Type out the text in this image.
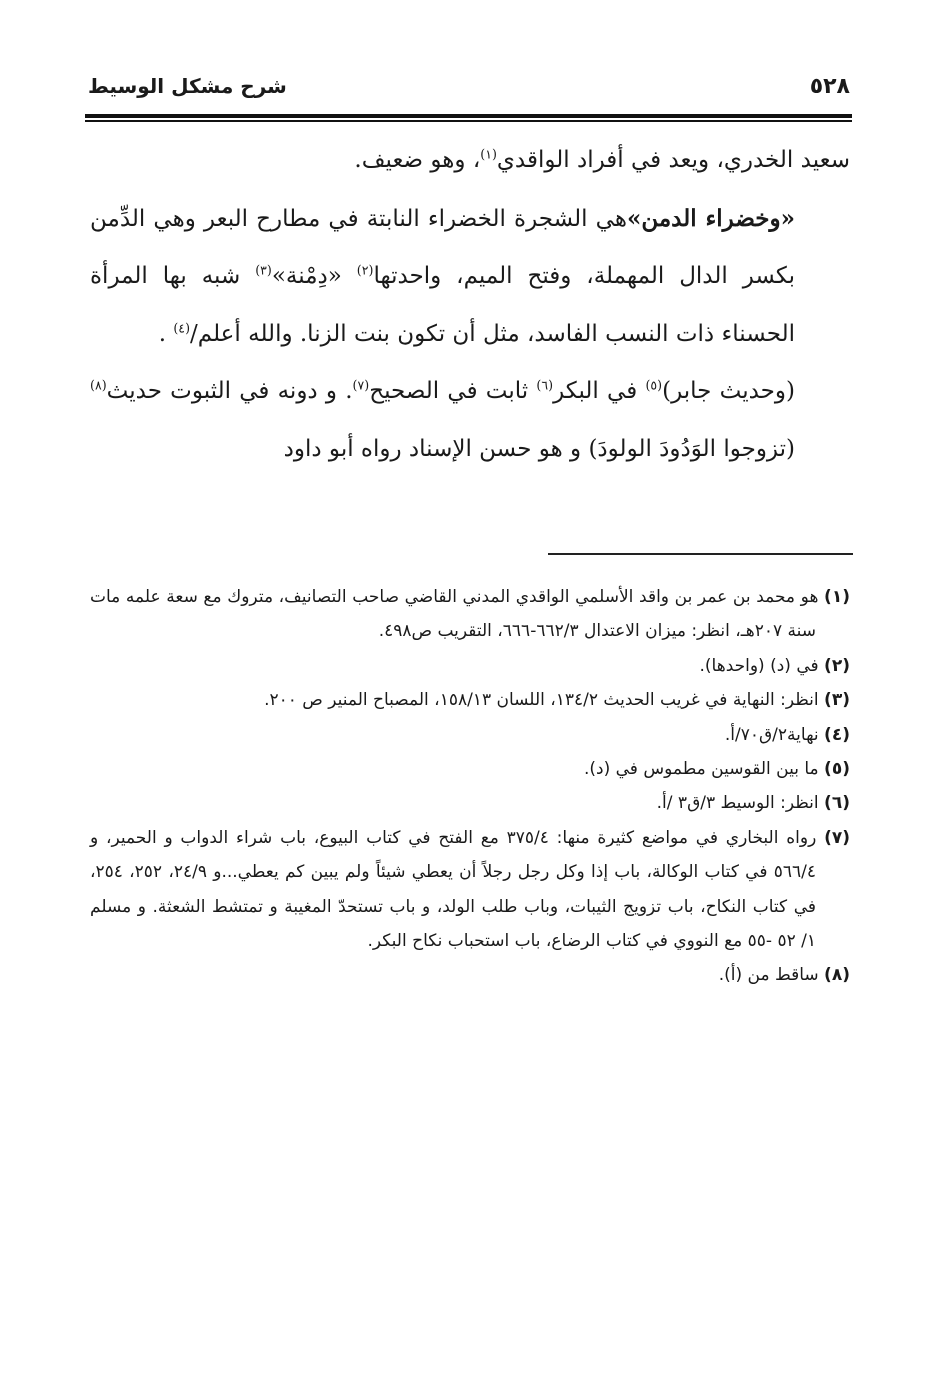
٥٢٨
شرح مشكل الوسيط

سعيد الخدري، ويعد في أفراد الواقدي$^{(١)}$، وهو ضعيف.

«وخضراء الدمن»هي الشجرة الخضراء النابتة في مطارح البعر وهي الدِّمن بكسر الدال المهملة، وفتح الميم، واحدتها$^{(٢)}$ «دِمْنة»$^{(٣)}$ شبه بها المرأة الحسناء ذات النسب الفاسد، مثل أن تكون بنت الزنا. والله أعلم/$^{(٤)}$ .

(وحديث جابر)$^{(٥)}$ في البكر$^{(٦)}$ ثابت في الصحيح$^{(٧)}$. و دونه في الثبوت حديث$^{(٨)}$ (تزوجوا الوَدُودَ الولودَ) و هو حسن الإسناد رواه أبو داود

(١) هو محمد بن عمر بن واقد الأسلمي الواقدي المدني القاضي صاحب التصانيف، متروك مع سعة علمه مات سنة ٢٠٧هـ، انظر: ميزان الاعتدال ٦٦٢/٣-٦٦٦، التقريب ص٤٩٨.

(٢) في (د) (واحدها).

(٣) انظر: النهاية في غريب الحديث ١٣٤/٢، اللسان ١٥٨/١٣، المصباح المنير ص ٢٠٠.

(٤) نهاية٢/ق٧٠/أ.

(٥) ما بين القوسين مطموس في (د).

(٦) انظر: الوسيط ٣/ق٣ /أ.

(٧) رواه البخاري في مواضع كثيرة منها: ٣٧٥/٤ مع الفتح في كتاب البيوع، باب شراء الدواب و الحمير، و ٥٦٦/٤ في كتاب الوكالة، باب إذا وكل رجل رجلاً أن يعطي شيئاً ولم يبين كم يعطي...و ٢٤/٩، ٢٥٢، ٢٥٤، في كتاب النكاح، باب تزويج الثيبات، وباب طلب الولد، و باب تستحدّ المغيبة و تمتشط الشعثة. و مسلم ١/ ٥٢ -٥٥ مع النووي في كتاب الرضاع، باب استحباب نكاح البكر.

(٨) ساقط من (أ).
